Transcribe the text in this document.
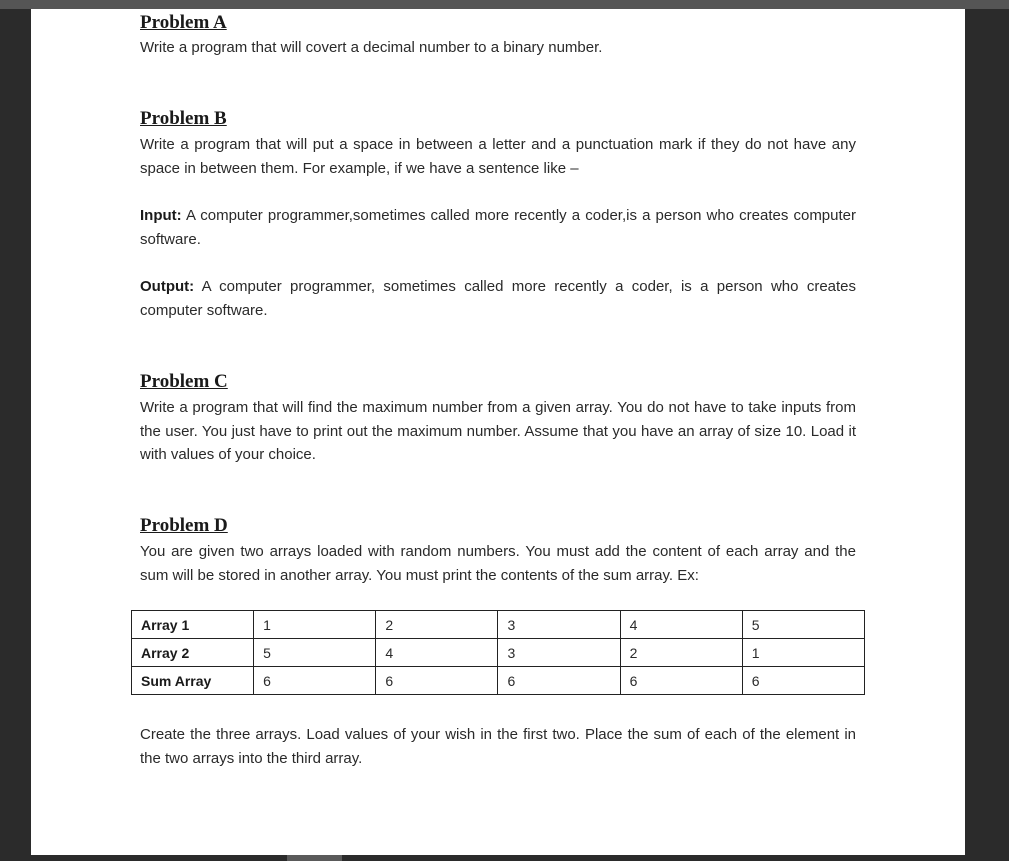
Problem A
Write a program that will covert a decimal number to a binary number.
Problem B
Write a program that will put a space in between a letter and a punctuation mark if they do not have any space in between them. For example, if we have a sentence like –
Input: A computer programmer,sometimes called more recently a coder,is a person who creates computer software.
Output: A computer programmer, sometimes called more recently a coder, is a person who creates computer software.
Problem C
Write a program that will find the maximum number from a given array. You do not have to take inputs from the user. You just have to print out the maximum number. Assume that you have an array of size 10. Load it with values of your choice.
Problem D
You are given two arrays loaded with random numbers. You must add the content of each array and the sum will be stored in another array. You must print the contents of the sum array. Ex:
Create the three arrays. Load values of your wish in the first two. Place the sum of each of the element in the two arrays into the third array.
Array 1	1	2	3	4	5
Array 2	5	4	3	2	1
Sum Array	6	6	6	6	6
